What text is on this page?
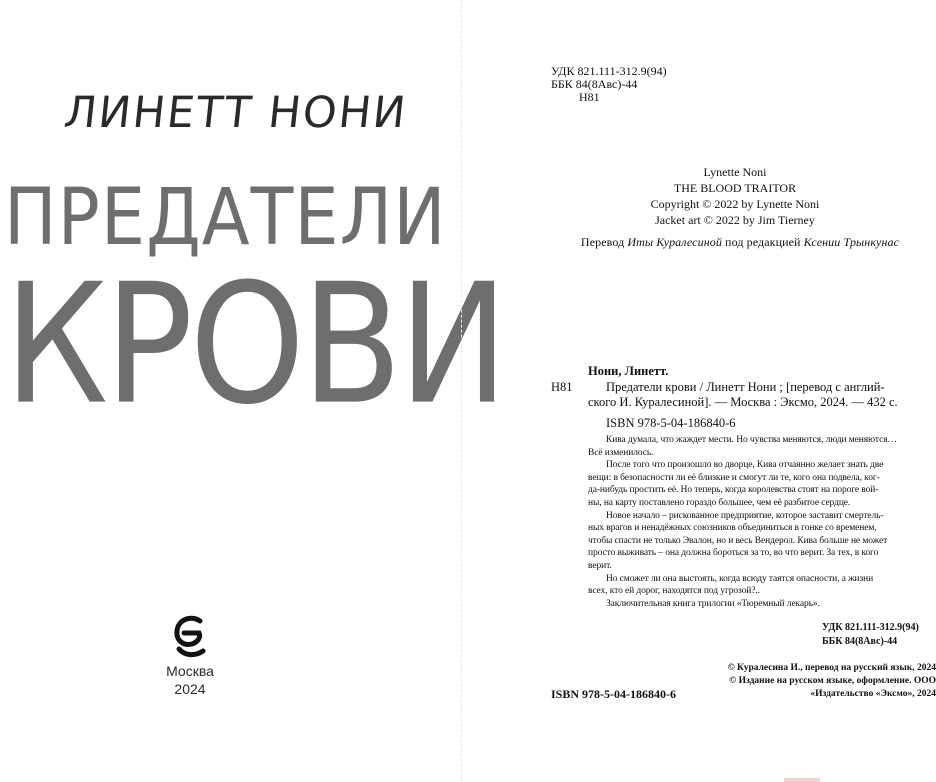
ЛИНЕТТ НОНИ
ПРЕДАТЕЛИ
КРОВИ
Москва
2024
УДК 821.111-312.9(94)
ББК 84(8Авс)-44
Н81
Lynette Noni
THE BLOOD TRAITOR
Copyright © 2022 by Lynette Noni
Jacket art © 2022 by Jim Tierney
Перевод Иты Куралесиной под редакцией Ксении Трынкунас
Нони, Линетт.
Н81	Предатели крови / Линетт Нони ; [перевод с англий-

ского И. Куралесиной]. — Москва : Эксмо, 2024. — 432 с.

ISBN 978-5-04-186840-6

Кива думала, что жаждет мести. Но чувства меняются, люди меняются…

Всё изменилось.

После того что произошло во дворце, Кива отчаянно желает знать две

вещи: в безопасности ли её близкие и смогут ли те, кого она подвела, ког-

да-нибудь простить её. Но теперь, когда королевства стоят на пороге вой-

ны, на карту поставлено гораздо большее, чем её разбитое сердце.

Новое начало – рискованное предприятие, которое заставит смертель-

ных врагов и ненадёжных союзников объединиться в гонке со временем,

чтобы спасти не только Эвалон, но и весь Вендерол. Кива больше не может

просто выживать – она должна бороться за то, во что верит. За тех, в кого

верит.

Но сможет ли она выстоять, когда всюду таятся опасности, а жизни

всех, кто ей дорог, находятся под угрозой?..

Заключительная книга трилогии «Тюремный лекарь».

УДК 821.111-312.9(94)
ББК 84(8Авс)-44
© Куралесина И., перевод на русский язык, 2024
© Издание на русском языке, оформление. ООО
«Издательство «Эксмо», 2024
ISBN 978-5-04-186840-6
